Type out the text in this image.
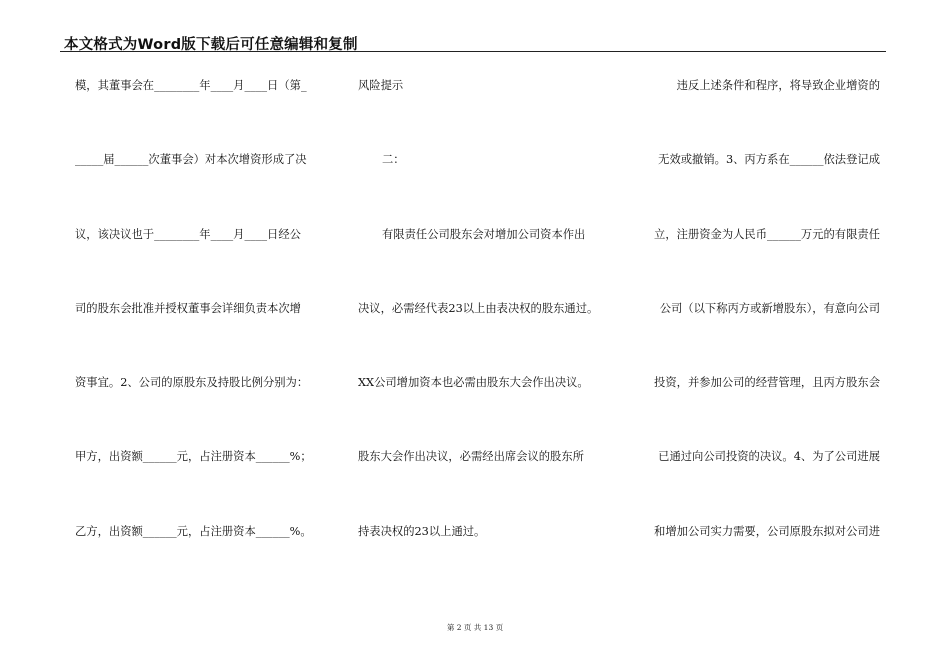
本文格式为Word版下载后可任意编辑和复制
模，其董事会在________年____月____日（第_
_____届______次董事会）对本次增资形成了决
议，该决议也于________年____月____日经公
司的股东会批准并授权董事会详细负责本次增
资事宜。2、公司的原股东及持股比例分别为：
甲方，出资额______元，占注册资本______%；
乙方，出资额______元，占注册资本______%。
风险提示
二：
有限责任公司股东会对增加公司资本作出
决议，必需经代表23以上由表决权的股东通过。
XX公司增加资本也必需由股东大会作出决议。
股东大会作出决议，必需经出席会议的股东所
持表决权的23以上通过。
违反上述条件和程序，将导致企业增资的
无效或撤销。3、丙方系在______依法登记成
立，注册资金为人民币______万元的有限责任
公司（以下称丙方或新增股东），有意向公司
投资，并参加公司的经营管理，且丙方股东会
已通过向公司投资的决议。4、为了公司进展
和增加公司实力需要，公司原股东拟对公司进
第 2 页 共 13 页
